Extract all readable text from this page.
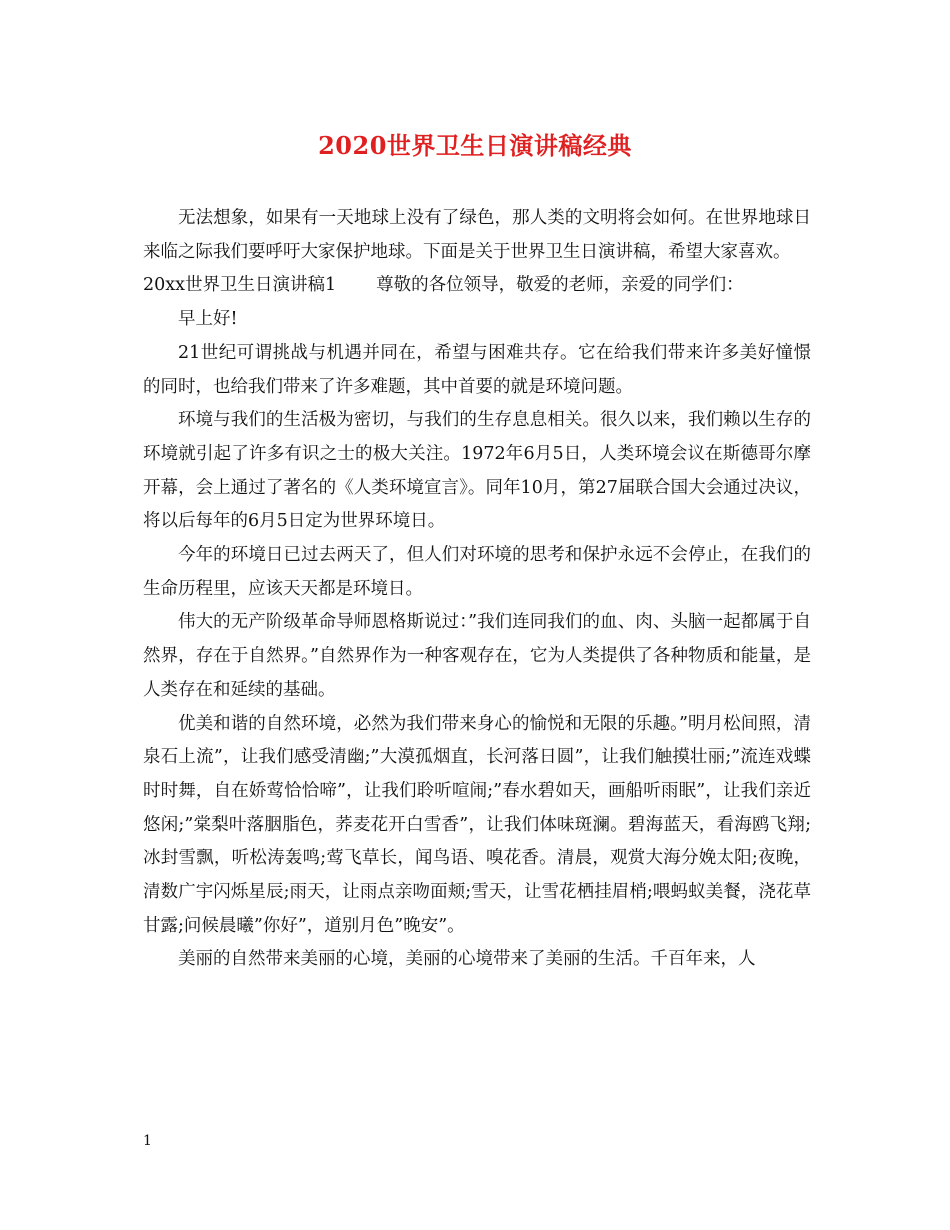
2020世界卫生日演讲稿经典

无法想象，如果有一天地球上没有了绿色，那人类的文明将会如何。在世界地球日来临之际我们要呼吁大家保护地球。下面是关于世界卫生日演讲稿，希望大家喜欢。

20xx世界卫生日演讲稿1 尊敬的各位领导，敬爱的老师，亲爱的同学们：

早上好!

21世纪可谓挑战与机遇并同在，希望与困难共存。它在给我们带来许多美好憧憬的同时，也给我们带来了许多难题，其中首要的就是环境问题。

环境与我们的生活极为密切，与我们的生存息息相关。很久以来，我们赖以生存的环境就引起了许多有识之士的极大关注。1972年6月5日，人类环境会议在斯德哥尔摩开幕，会上通过了著名的《人类环境宣言》。同年10月，第27届联合国大会通过决议，将以后每年的6月5日定为世界环境日。

今年的环境日已过去两天了，但人们对环境的思考和保护永远不会停止，在我们的生命历程里，应该天天都是环境日。

伟大的无产阶级革命导师恩格斯说过：”我们连同我们的血、肉、头脑一起都属于自然界，存在于自然界。”自然界作为一种客观存在，它为人类提供了各种物质和能量，是人类存在和延续的基础。

优美和谐的自然环境，必然为我们带来身心的愉悦和无限的乐趣。”明月松间照，清泉石上流”，让我们感受清幽;”大漠孤烟直，长河落日圆”，让我们触摸壮丽;”流连戏蝶时时舞，自在娇莺恰恰啼”，让我们聆听喧闹;”春水碧如天，画船听雨眠”，让我们亲近悠闲;”棠梨叶落胭脂色，荞麦花开白雪香”，让我们体味斑澜。碧海蓝天，看海鸥飞翔;冰封雪飘，听松涛轰鸣;莺飞草长，闻鸟语、嗅花香。清晨，观赏大海分娩太阳;夜晚，清数广宇闪烁星辰;雨天，让雨点亲吻面颊;雪天，让雪花栖挂眉梢;喂蚂蚁美餐，浇花草甘露;问候晨曦”你好”，道别月色”晚安”。

美丽的自然带来美丽的心境，美丽的心境带来了美丽的生活。千百年来，人

1
